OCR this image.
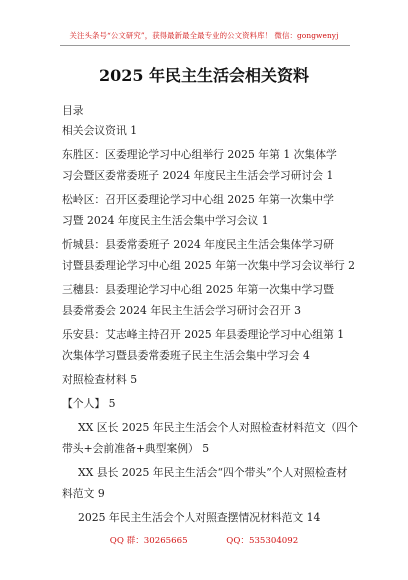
关注头条号“公文研究”，获得最新最全最专业的公文资料库！ 微信：gongwenyj
2025 年民主生活会相关资料
目录
相关会议资讯 1
东胜区：区委理论学习中心组举行 2025 年第 1 次集体学
习会暨区委常委班子 2024 年度民主生活会学习研讨会 1
松岭区：召开区委理论学习中心组 2025 年第一次集中学
习暨 2024 年度民主生活会集中学习会议 1
忻城县：县委常委班子 2024 年度民主生活会集体学习研
讨暨县委理论学习中心组 2025 年第一次集中学习会议举行 2
三穗县：县委理论学习中心组 2025 年第一次集中学习暨
县委常委会 2024 年民主生活会学习研讨会召开 3
乐安县：艾志峰主持召开 2025 年县委理论学习中心组第 1
次集体学习暨县委常委班子民主生活会集中学习会 4
对照检查材料 5
【个人】 5
XX 区长 2025 年民主生活会个人对照检查材料范文（四个
带头+会前准备+典型案例） 5
XX 县长 2025 年民主生活会“四个带头”个人对照检查材
料范文 9
2025 年民主生活会个人对照查摆情况材料范文 14
QQ 群：30265665	QQ：535304092
